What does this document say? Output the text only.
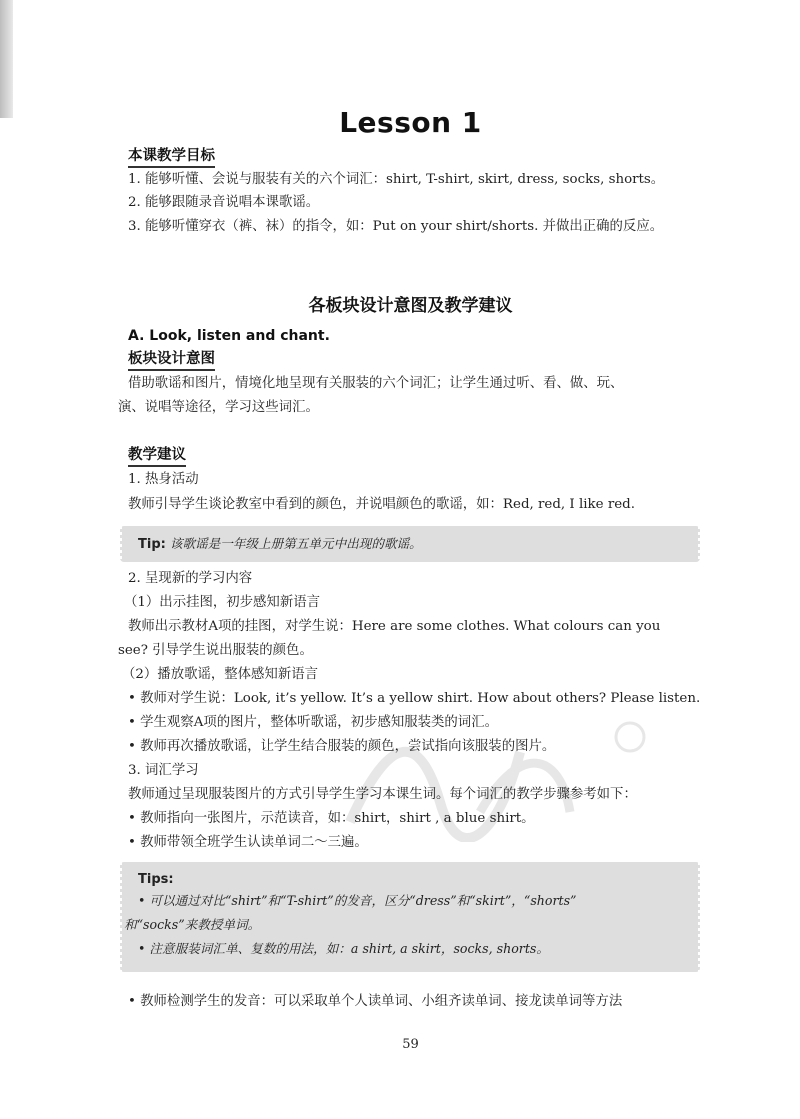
Lesson 1
本课教学目标
1. 能够听懂、会说与服装有关的六个词汇：shirt, T-shirt, skirt, dress, socks, shorts。
2. 能够跟随录音说唱本课歌谣。
3. 能够听懂穿衣（裤、袜）的指令，如：Put on your shirt/shorts. 并做出正确的反应。
各板块设计意图及教学建议
A. Look, listen and chant.
板块设计意图
借助歌谣和图片，情境化地呈现有关服装的六个词汇；让学生通过听、看、做、玩、
演、说唱等途径，学习这些词汇。
教学建议
1. 热身活动
教师引导学生谈论教室中看到的颜色，并说唱颜色的歌谣，如：Red, red, I like red.
Tip: 该歌谣是一年级上册第五单元中出现的歌谣。
2. 呈现新的学习内容
（1）出示挂图，初步感知新语言
教师出示教材A项的挂图，对学生说：Here are some clothes. What colours can you
see? 引导学生说出服装的颜色。
（2）播放歌谣，整体感知新语言
• 教师对学生说：Look, it’s yellow. It’s a yellow shirt. How about others? Please listen.
• 学生观察A项的图片，整体听歌谣，初步感知服装类的词汇。
• 教师再次播放歌谣，让学生结合服装的颜色，尝试指向该服装的图片。
3. 词汇学习
教师通过呈现服装图片的方式引导学生学习本课生词。每个词汇的教学步骤参考如下：
• 教师指向一张图片，示范读音，如：shirt，shirt , a blue shirt。
• 教师带领全班学生认读单词二～三遍。
Tips:
• 可以通过对比“shirt”和“T-shirt”的发音，区分“dress”和“skirt”，“shorts”
和“socks”来教授单词。
• 注意服装词汇单、复数的用法，如：a shirt, a skirt，socks, shorts。
• 教师检测学生的发音：可以采取单个人读单词、小组齐读单词、接龙读单词等方法
59
